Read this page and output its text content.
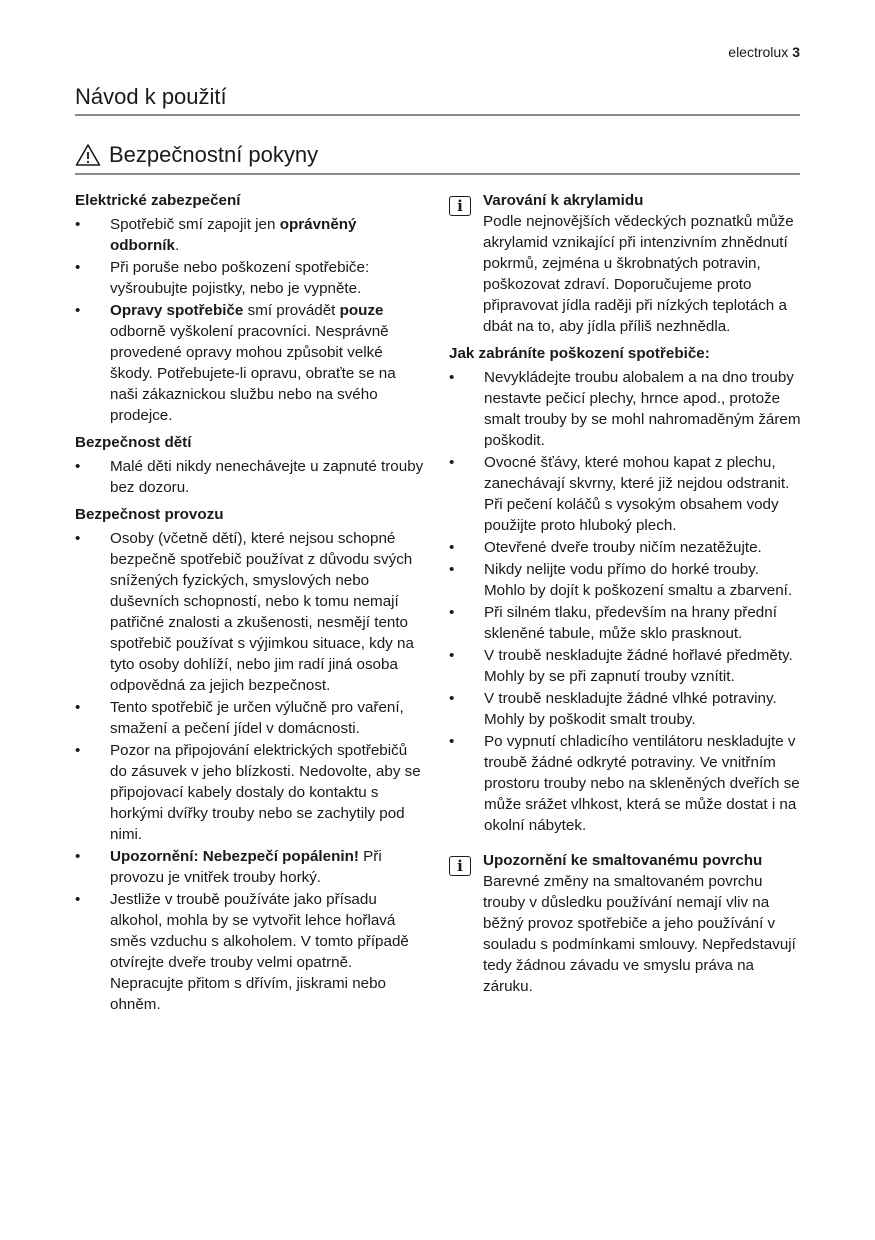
electrolux 3
Návod k použití
Bezpečnostní pokyny
Elektrické zabezpečení
• Spotřebič smí zapojit jen oprávněný odborník.
• Při poruše nebo poškození spotřebiče: vyšroubujte pojistky, nebo je vypněte.
• Opravy spotřebiče smí provádět pouze odborně vyškolení pracovníci. Nesprávně provedené opravy mohou způsobit velké škody. Potřebujete-li opravu, obraťte se na naši zákaznickou službu nebo na svého prodejce.
Bezpečnost dětí
• Malé děti nikdy nenechávejte u zapnuté trouby bez dozoru.
Bezpečnost provozu
• Osoby (včetně dětí), které nejsou schopné bezpečně spotřebič používat z důvodu svých snížených fyzických, smyslových nebo duševních schopností, nebo k tomu nemají patřičné znalosti a zkušenosti, nesmějí tento spotřebič používat s výjimkou situace, kdy na tyto osoby dohlíží, nebo jim radí jiná osoba odpovědná za jejich bezpečnost.
• Tento spotřebič je určen výlučně pro vaření, smažení a pečení jídel v domácnosti.
• Pozor na připojování elektrických spotřebičů do zásuvek v jeho blízkosti. Nedovolte, aby se připojovací kabely dostaly do kontaktu s horkými dvířky trouby nebo se zachytily pod nimi.
• Upozornění: Nebezpečí popálenin! Při provozu je vnitřek trouby horký.
• Jestliže v troubě používáte jako přísadu alkohol, mohla by se vytvořit lehce hořlavá směs vzduchu s alkoholem. V tomto případě otvírejte dveře trouby velmi opatrně. Nepracujte přitom s dřívím, jiskrami nebo ohněm.
i	Varování k akrylamidu
Podle nejnovějších vědeckých poznatků může akrylamid vznikající při intenzivním zhnědnutí pokrmů, zejména u škrobnatých potravin, poškozovat zdraví. Doporučujeme proto připravovat jídla raději při nízkých teplotách a dbát na to, aby jídla příliš nezhnědla.
Jak zabráníte poškození spotřebiče:
• Nevykládejte troubu alobalem a na dno trouby nestavte pečicí plechy, hrnce apod., protože smalt trouby by se mohl nahromaděným žárem poškodit.
• Ovocné šťávy, které mohou kapat z plechu, zanechávají skvrny, které již nejdou odstranit. Při pečení koláčů s vysokým obsahem vody použijte proto hluboký plech.
• Otevřené dveře trouby ničím nezatěžujte.
• Nikdy nelijte vodu přímo do horké trouby. Mohlo by dojít k poškození smaltu a zbarvení.
• Při silném tlaku, především na hrany přední skleněné tabule, může sklo prasknout.
• V troubě neskladujte žádné hořlavé předměty. Mohly by se při zapnutí trouby vznítit.
• V troubě neskladujte žádné vlhké potraviny. Mohly by poškodit smalt trouby.
• Po vypnutí chladicího ventilátoru neskladujte v troubě žádné odkryté potraviny. Ve vnitřním prostoru trouby nebo na skleněných dveřích se může srážet vlhkost, která se může dostat i na okolní nábytek.
i	Upozornění ke smaltovanému povrchu
Barevné změny na smaltovaném povrchu trouby v důsledku používání nemají vliv na běžný provoz spotřebiče a jeho používání v souladu s podmínkami smlouvy. Nepředstavují tedy žádnou závadu ve smyslu práva na záruku.
